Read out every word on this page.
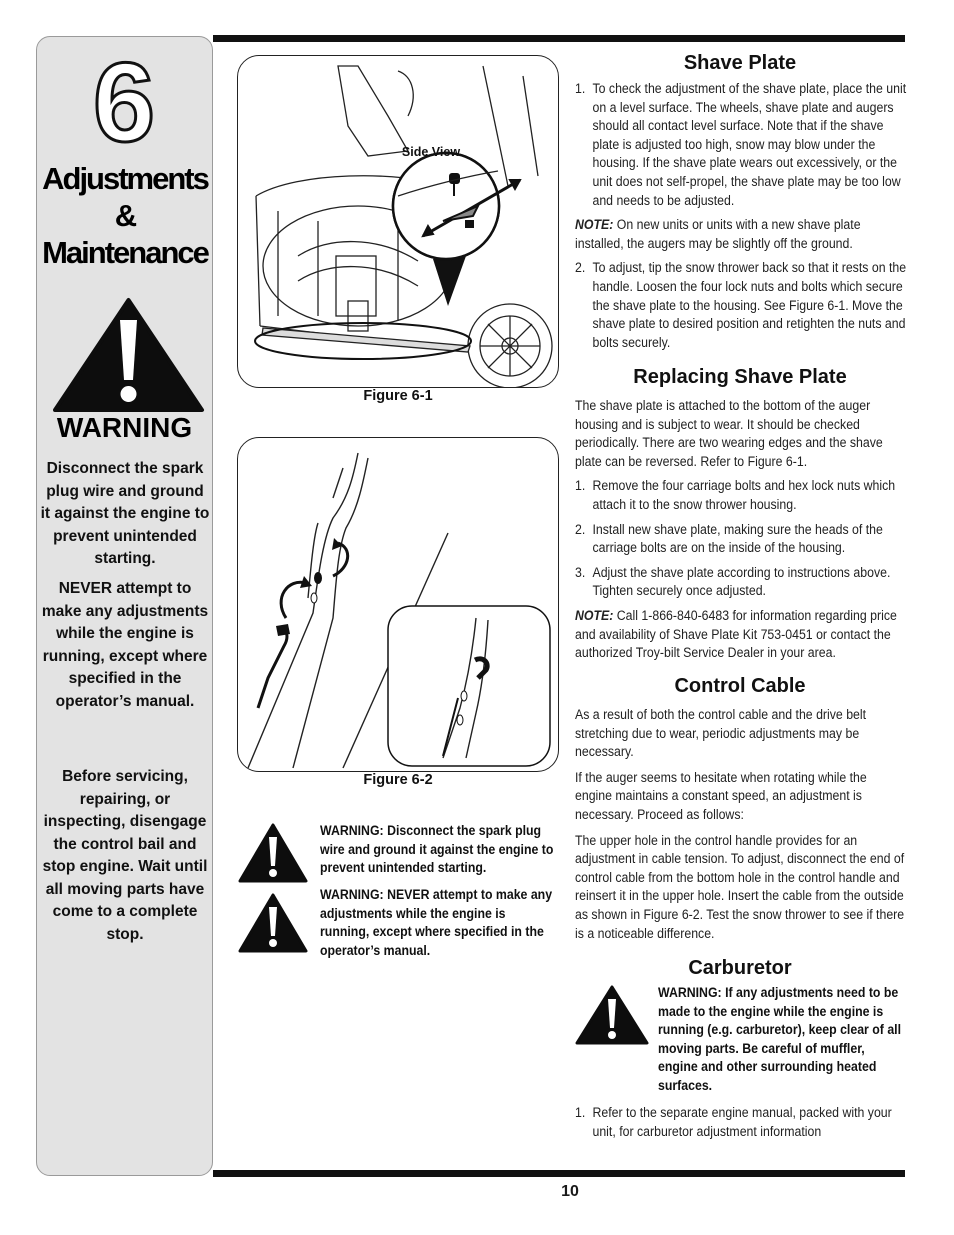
6
Adjustments
&
Maintenance
WARNING
Disconnect the spark plug wire and ground it against the engine to prevent unintended starting.
NEVER attempt to make any adjustments while the engine is running, except where specified in the operator’s manual.
Before servicing, repairing, or inspecting, disengage the control bail and stop engine. Wait until all moving parts have come to a complete stop.
Side View
Figure 6-1
Figure 6-2
WARNING: Disconnect the spark plug wire and ground it against the engine to prevent unintended starting.
WARNING: NEVER attempt to make any adjustments while the engine is running, except where specified in the operator’s manual.
Shave Plate
1. To check the adjustment of the shave plate, place the unit on a level surface. The wheels, shave plate and augers should all contact level surface. Note that if the shave plate is adjusted too high, snow may blow under the housing. If the shave plate wears out excessively, or the unit does not self-propel, the shave plate may be too low and needs to be adjusted.
NOTE: On new units or units with a new shave plate installed, the augers may be slightly off the ground.
2. To adjust, tip the snow thrower back so that it rests on the handle. Loosen the four lock nuts and bolts which secure the shave plate to the housing. See Figure 6-1. Move the shave plate to desired position and retighten the nuts and bolts securely.
Replacing Shave Plate
The shave plate is attached to the bottom of the auger housing and is subject to wear. It should be checked periodically. There are two wearing edges and the shave plate can be reversed. Refer to Figure 6-1.
1. Remove the four carriage bolts and hex lock nuts which attach it to the snow thrower housing.
2. Install new shave plate, making sure the heads of the carriage bolts are on the inside of the housing.
3. Adjust the shave plate according to instructions above. Tighten securely once adjusted.
NOTE: Call 1-866-840-6483 for information regarding price and availability of Shave Plate Kit 753-0451 or contact the authorized Troy-bilt Service Dealer in your area.
Control Cable
As a result of both the control cable and the drive belt stretching due to wear, periodic adjustments may be necessary.
If the auger seems to hesitate when rotating while the engine maintains a constant speed, an adjustment is necessary. Proceed as follows:
The upper hole in the control handle provides for an adjustment in cable tension. To adjust, disconnect the end of control cable from the bottom hole in the control handle and reinsert it in the upper hole. Insert the cable from the outside as shown in Figure 6-2. Test the snow thrower to see if there is a noticeable difference.
Carburetor
WARNING: If any adjustments need to be made to the engine while the engine is running (e.g. carburetor), keep clear of all moving parts. Be careful of muffler, engine and other surrounding heated surfaces.
1. Refer to the separate engine manual, packed with your unit, for carburetor adjustment information
10
